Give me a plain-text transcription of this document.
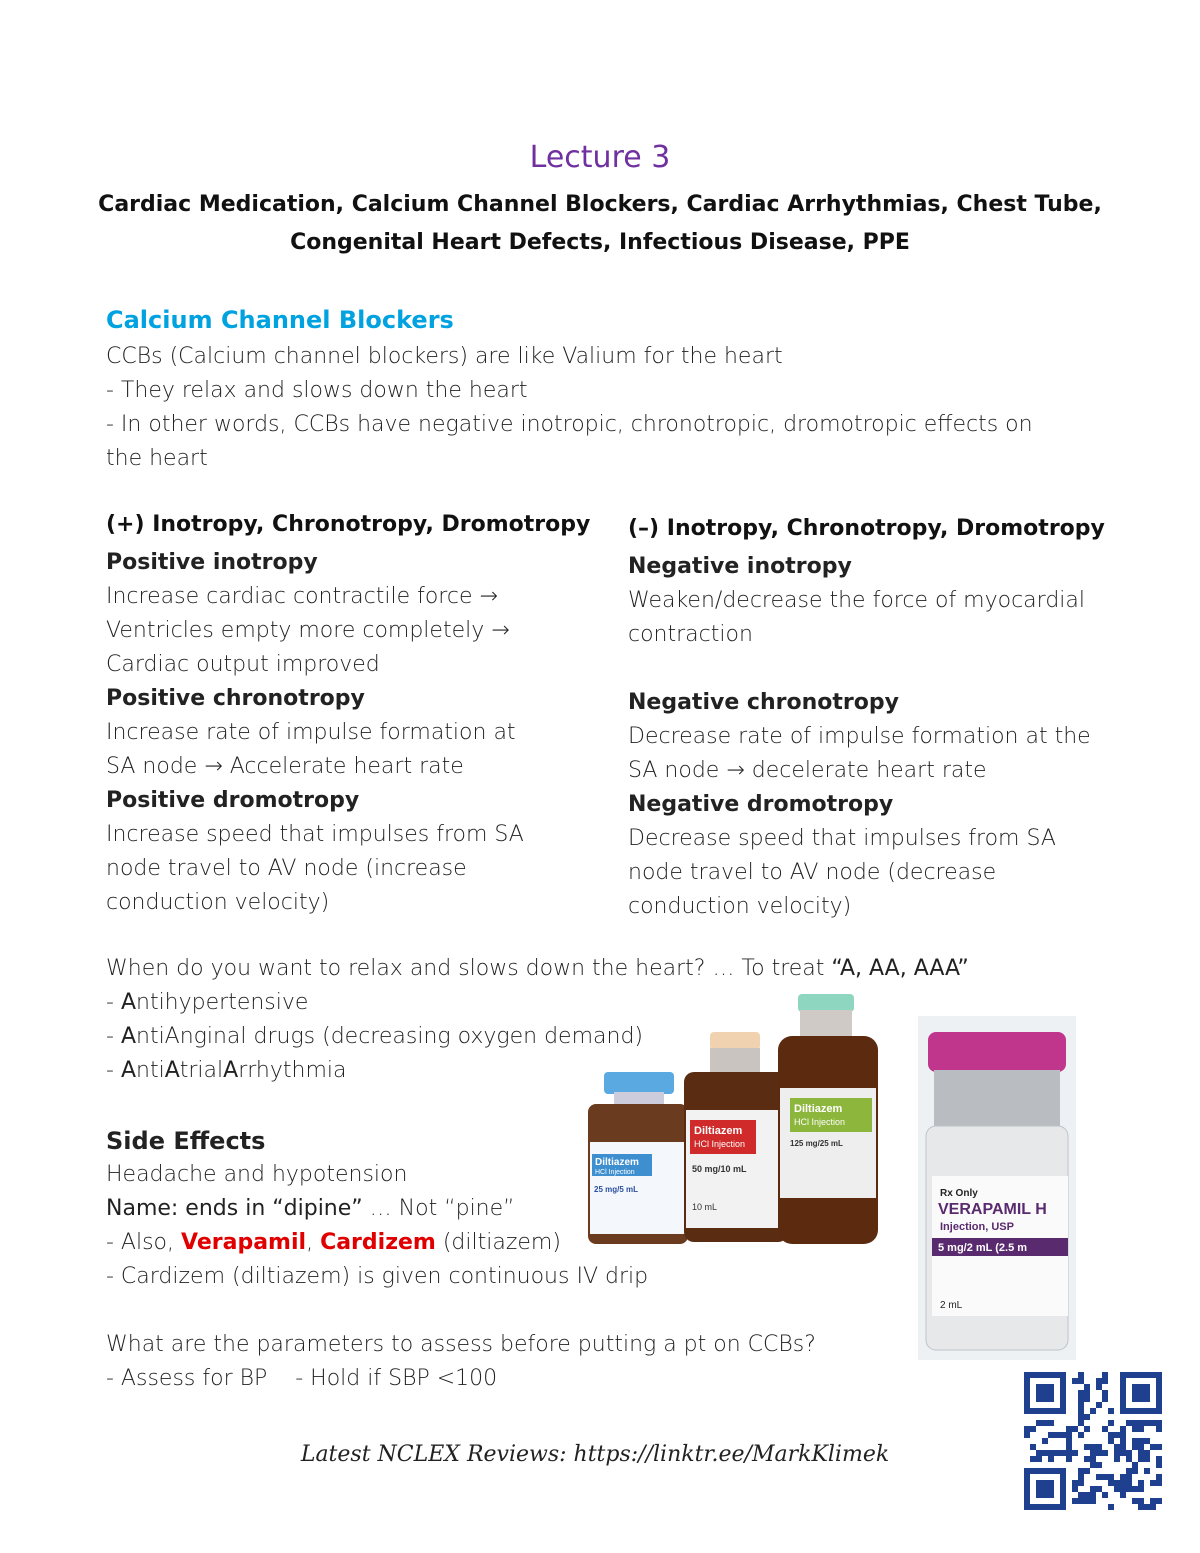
Lecture 3
Cardiac Medication, Calcium Channel Blockers, Cardiac Arrhythmias, Chest Tube,
Congenital Heart Defects, Infectious Disease, PPE
Calcium Channel Blockers
CCBs (Calcium channel blockers) are like Valium for the heart
- They relax and slows down the heart
- In other words, CCBs have negative inotropic, chronotropic, dromotropic effects on
the heart
(+) Inotropy, Chronotropy, Dromotropy
Positive inotropy
Increase cardiac contractile force →
Ventricles empty more completely →
Cardiac output improved
Positive chronotropy
Increase rate of impulse formation at
SA node → Accelerate heart rate
Positive dromotropy
Increase speed that impulses from SA
node travel to AV node (increase
conduction velocity)
(–) Inotropy, Chronotropy, Dromotropy
Negative inotropy
Weaken/decrease the force of myocardial
contraction
Negative chronotropy
Decrease rate of impulse formation at the
SA node → decelerate heart rate
Negative dromotropy
Decrease speed that impulses from SA
node travel to AV node (decrease
conduction velocity)
When do you want to relax and slows down the heart? … To treat “A, AA, AAA”
- Antihypertensive
- AntiAnginal drugs (decreasing oxygen demand)
- AntiAtrialArrhythmia
Side Effects
Headache and hypotension
Name: ends in “dipine” … Not “pine”
- Also, Verapamil, Cardizem (diltiazem)
- Cardizem (diltiazem) is given continuous IV drip
What are the parameters to assess before putting a pt on CCBs?
- Assess for BP    - Hold if SBP <100
Diltiazem
HCl Injection
25 mg/5 mL
Diltiazem
HCl Injection
50 mg/10 mL
10 mL
Diltiazem
HCl Injection
125 mg/25 mL
Rx Only
VERAPAMIL H
Injection, USP
5 mg/2 mL (2.5 m
2 mL
Latest NCLEX Reviews: https://linktr.ee/MarkKlimek
